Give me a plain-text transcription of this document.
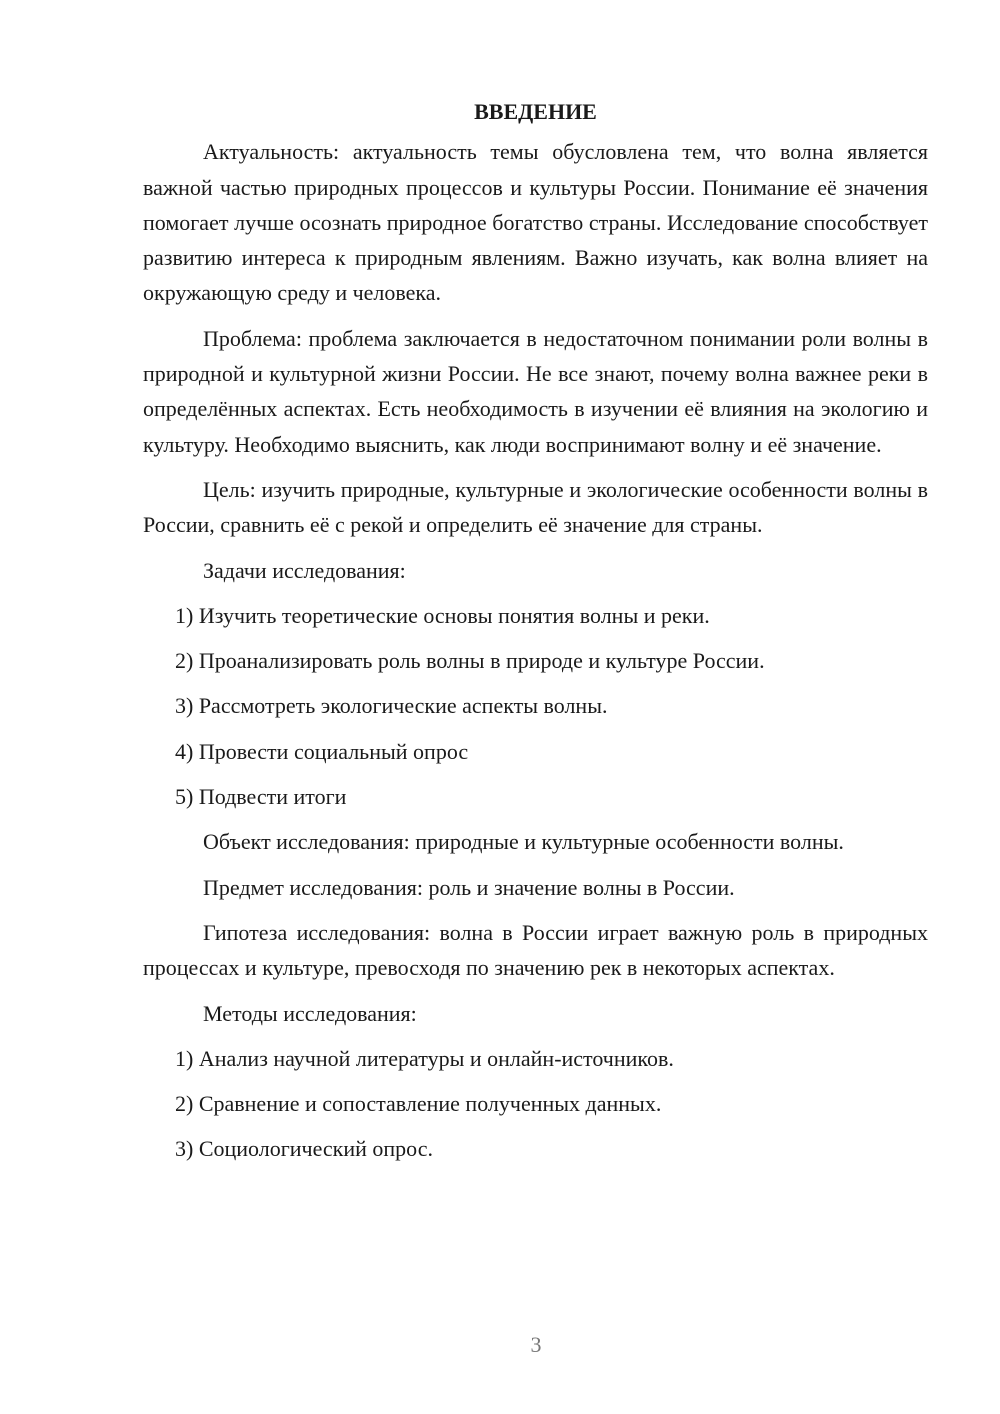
ВВЕДЕНИЕ

Актуальность: актуальность темы обусловлена тем, что волна является важной частью природных процессов и культуры России. Понимание её значения помогает лучше осознать природное богатство страны. Исследование способствует развитию интереса к природным явлениям. Важно изучать, как волна влияет на окружающую среду и человека.

Проблема: проблема заключается в недостаточном понимании роли волны в природной и культурной жизни России. Не все знают, почему волна важнее реки в определённых аспектах. Есть необходимость в изучении её влияния на экологию и культуру. Необходимо выяснить, как люди воспринимают волну и её значение.

Цель: изучить природные, культурные и экологические особенности волны в России, сравнить её с рекой и определить её значение для страны.

Задачи исследования:

1) Изучить теоретические основы понятия волны и реки.

2) Проанализировать роль волны в природе и культуре России.

3) Рассмотреть экологические аспекты волны.

4) Провести социальный опрос

5) Подвести итоги

Объект исследования: природные и культурные особенности волны.

Предмет исследования: роль и значение волны в России.

Гипотеза исследования: волна в России играет важную роль в природных процессах и культуре, превосходя по значению рек в некоторых аспектах.

Методы исследования:

1) Анализ научной литературы и онлайн-источников.

2) Сравнение и сопоставление полученных данных.

3) Социологический опрос.

3
